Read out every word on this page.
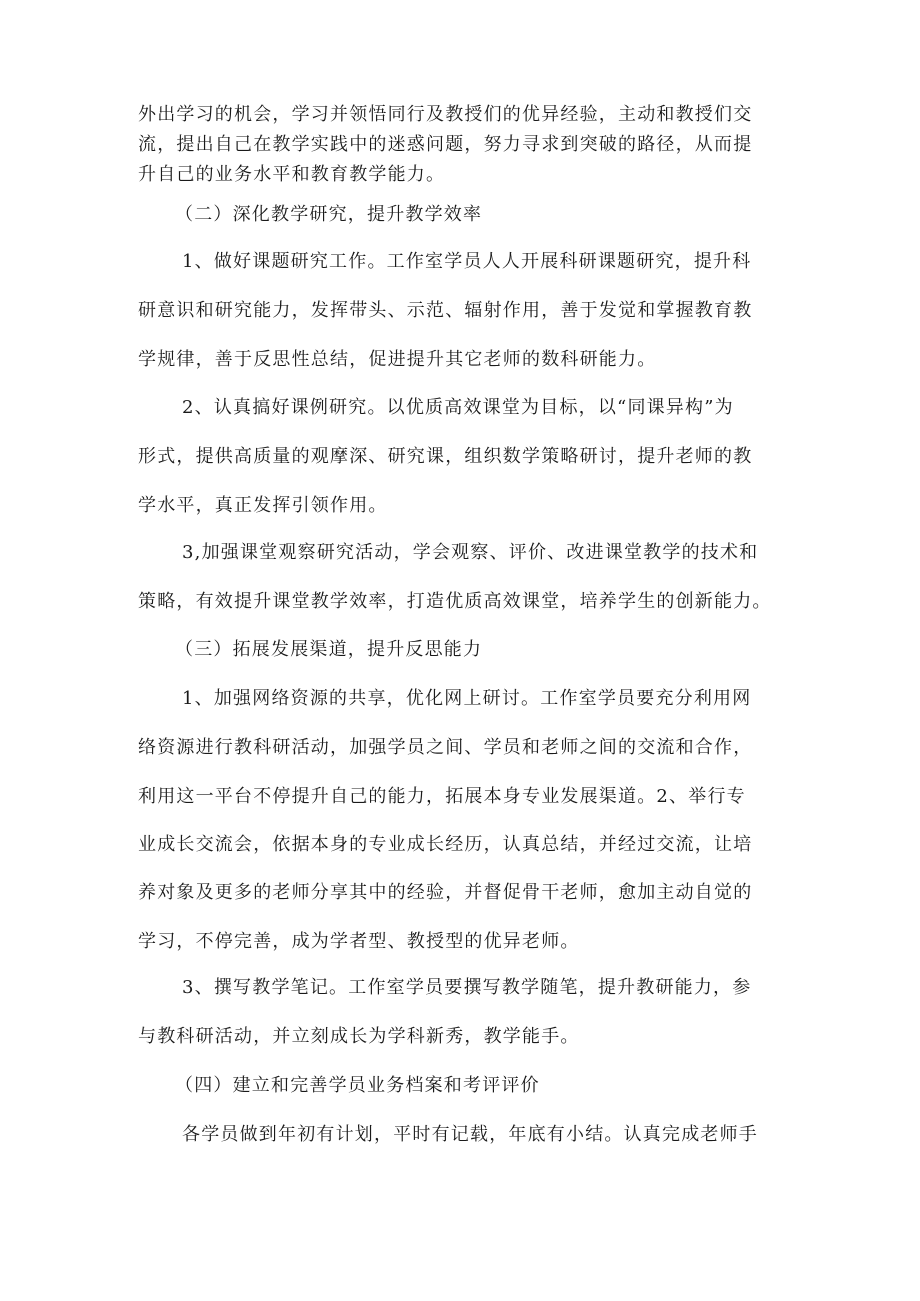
外出学习的机会，学习并领悟同行及教授们的优异经验，主动和教授们交
流，提出自己在教学实践中的迷惑问题，努力寻求到突破的路径，从而提
升自己的业务水平和教育教学能力。
（二）深化教学研究，提升教学效率
1、做好课题研究工作。工作室学员人人开展科研课题研究，提升科
研意识和研究能力，发挥带头、示范、辐射作用，善于发觉和掌握教育教
学规律，善于反思性总结，促进提升其它老师的数科研能力。
2、认真搞好课例研究。以优质高效课堂为目标，以“同课异构”为
形式，提供高质量的观摩深、研究课，组织数学策略研讨，提升老师的教
学水平，真正发挥引领作用。
3,加强课堂观察研究活动，学会观察、评价、改进课堂教学的技术和
策略，有效提升课堂教学效率，打造优质高效课堂，培养学生的创新能力。
（三）拓展发展渠道，提升反思能力
1、加强网络资源的共享，优化网上研讨。工作室学员要充分利用网
络资源进行教科研活动，加强学员之间、学员和老师之间的交流和合作，
利用这一平台不停提升自己的能力，拓展本身专业发展渠道。2、举行专
业成长交流会，依据本身的专业成长经历，认真总结，并经过交流，让培
养对象及更多的老师分享其中的经验，并督促骨干老师，愈加主动自觉的
学习，不停完善，成为学者型、教授型的优异老师。
3、撰写教学笔记。工作室学员要撰写教学随笔，提升教研能力，参
与教科研活动，并立刻成长为学科新秀，教学能手。
（四）建立和完善学员业务档案和考评评价
各学员做到年初有计划，平时有记载，年底有小结。认真完成老师手
